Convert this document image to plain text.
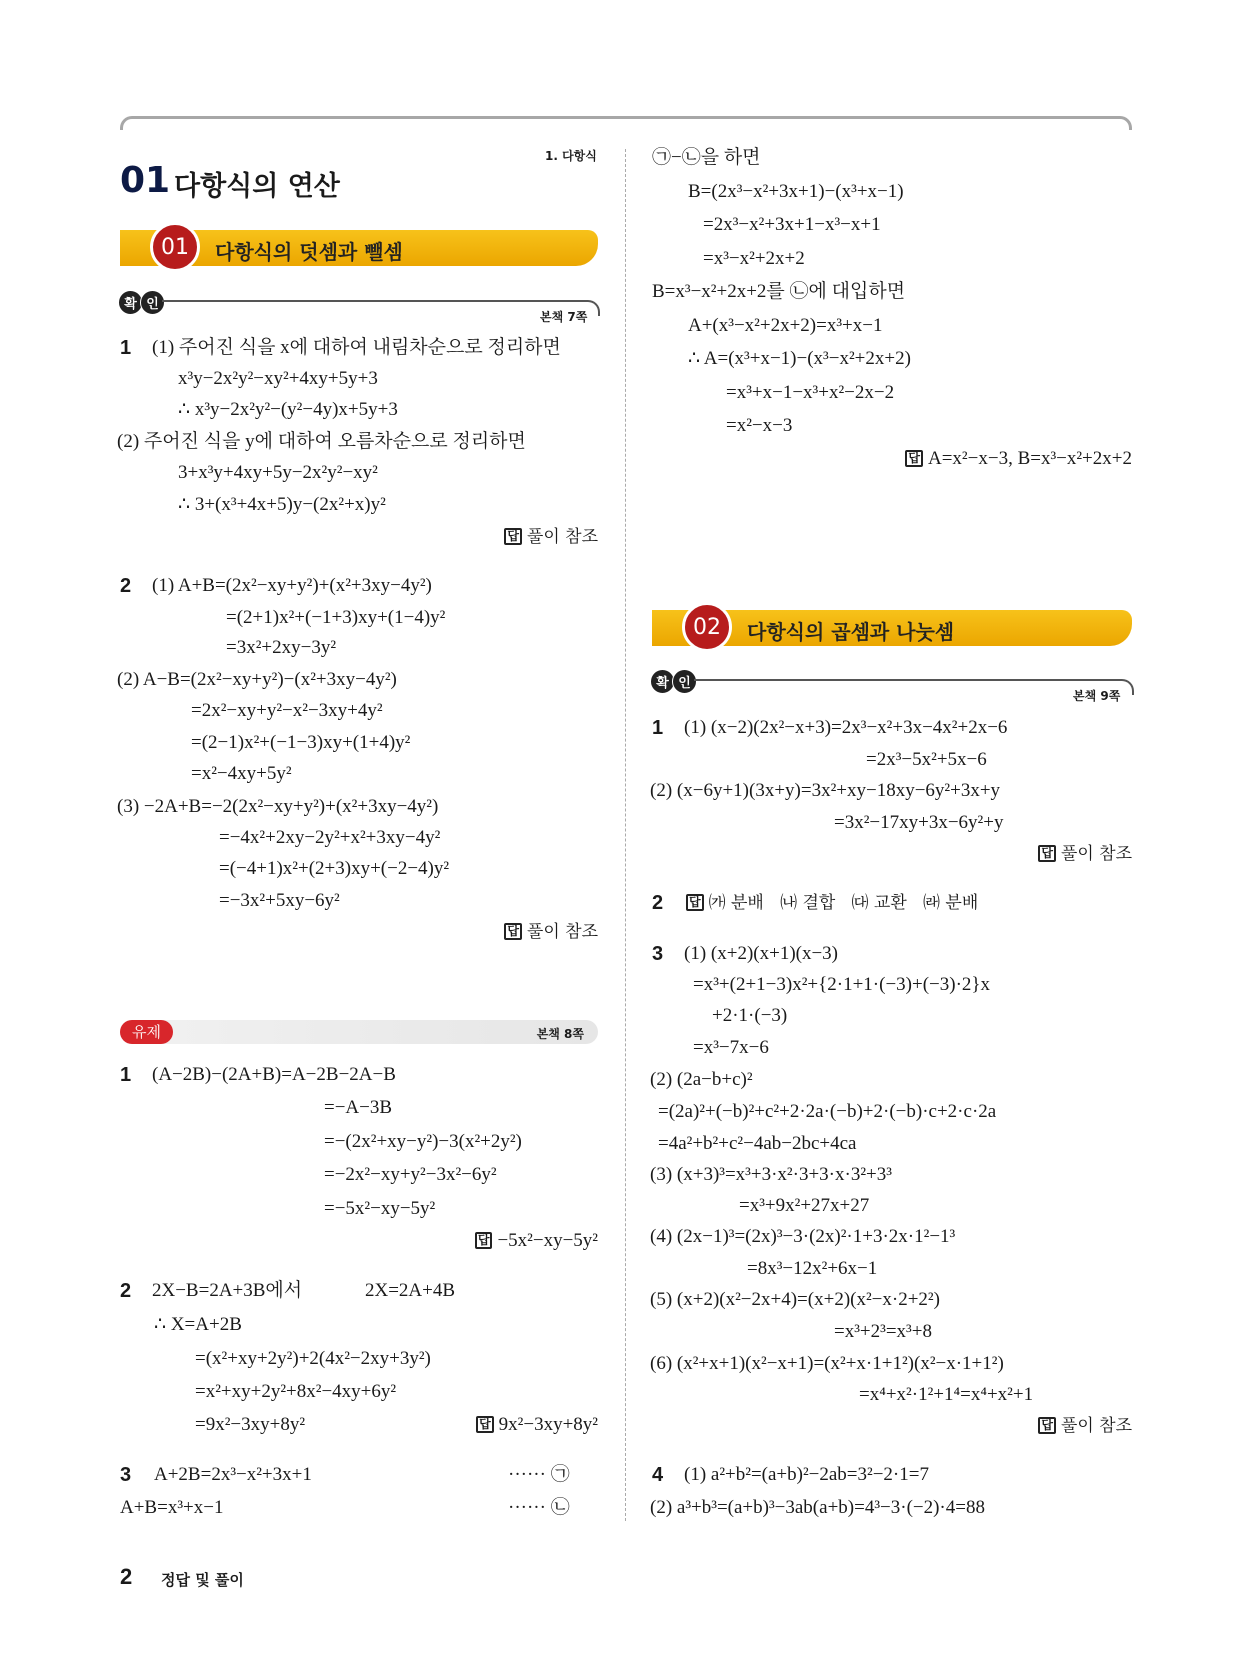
1. 다항식
01 다항식의 연산
01	다항식의 덧셈과 뺄셈
확 인
본책 7쪽
1 (1) 주어진 식을 x에 대하여 내림차순으로 정리하면
x³y−2x²y²−xy²+4xy+5y+3
∴ x³y−2x²y²−(y²−4y)x+5y+3
(2) 주어진 식을 y에 대하여 오름차순으로 정리하면
3+x³y+4xy+5y−2x²y²−xy²
∴ 3+(x³+4x+5)y−(2x²+x)y²
답 풀이 참조
2 (1) A+B=(2x²−xy+y²)+(x²+3xy−4y²)
=(2+1)x²+(−1+3)xy+(1−4)y²
=3x²+2xy−3y²
(2) A−B=(2x²−xy+y²)−(x²+3xy−4y²)
=2x²−xy+y²−x²−3xy+4y²
=(2−1)x²+(−1−3)xy+(1+4)y²
=x²−4xy+5y²
(3) −2A+B=−2(2x²−xy+y²)+(x²+3xy−4y²)
=−4x²+2xy−2y²+x²+3xy−4y²
=(−4+1)x²+(2+3)xy+(−2−4)y²
=−3x²+5xy−6y²
답 풀이 참조
유제	본책 8쪽
1 (A−2B)−(2A+B)=A−2B−2A−B
=−A−3B
=−(2x²+xy−y²)−3(x²+2y²)
=−2x²−xy+y²−3x²−6y²
=−5x²−xy−5y²
답 −5x²−xy−5y²
2 2X−B=2A+3B에서	2X=2A+4B
∴ X=A+2B
=(x²+xy+2y²)+2(4x²−2xy+3y²)
=x²+xy+2y²+8x²−4xy+6y²
=9x²−3xy+8y²	답 9x²−3xy+8y²
3 A+2B=2x³−x²+3x+1	······ ㉠
A+B=x³+x−1	······ ㉡
㉠−㉡을 하면
B=(2x³−x²+3x+1)−(x³+x−1)
=2x³−x²+3x+1−x³−x+1
=x³−x²+2x+2
B=x³−x²+2x+2를 ㉡에 대입하면
A+(x³−x²+2x+2)=x³+x−1
∴ A=(x³+x−1)−(x³−x²+2x+2)
=x³+x−1−x³+x²−2x−2
=x²−x−3
답 A=x²−x−3, B=x³−x²+2x+2
02	다항식의 곱셈과 나눗셈
확 인
본책 9쪽
1 (1) (x−2)(2x²−x+3)=2x³−x²+3x−4x²+2x−6
=2x³−5x²+5x−6
(2) (x−6y+1)(3x+y)=3x²+xy−18xy−6y²+3x+y
=3x²−17xy+3x−6y²+y
답 풀이 참조
2 답 ㈎ 분배 ㈏ 결합 ㈐ 교환 ㈑ 분배
3 (1) (x+2)(x+1)(x−3)
=x³+(2+1−3)x²+{2·1+1·(−3)+(−3)·2}x
+2·1·(−3)
=x³−7x−6
(2) (2a−b+c)²
=(2a)²+(−b)²+c²+2·2a·(−b)+2·(−b)·c+2·c·2a
=4a²+b²+c²−4ab−2bc+4ca
(3) (x+3)³=x³+3·x²·3+3·x·3²+3³
=x³+9x²+27x+27
(4) (2x−1)³=(2x)³−3·(2x)²·1+3·2x·1²−1³
=8x³−12x²+6x−1
(5) (x+2)(x²−2x+4)=(x+2)(x²−x·2+2²)
=x³+2³=x³+8
(6) (x²+x+1)(x²−x+1)=(x²+x·1+1²)(x²−x·1+1²)
=x⁴+x²·1²+1⁴=x⁴+x²+1
답 풀이 참조
4 (1) a²+b²=(a+b)²−2ab=3²−2·1=7
(2) a³+b³=(a+b)³−3ab(a+b)=4³−3·(−2)·4=88
2 정답 및 풀이
